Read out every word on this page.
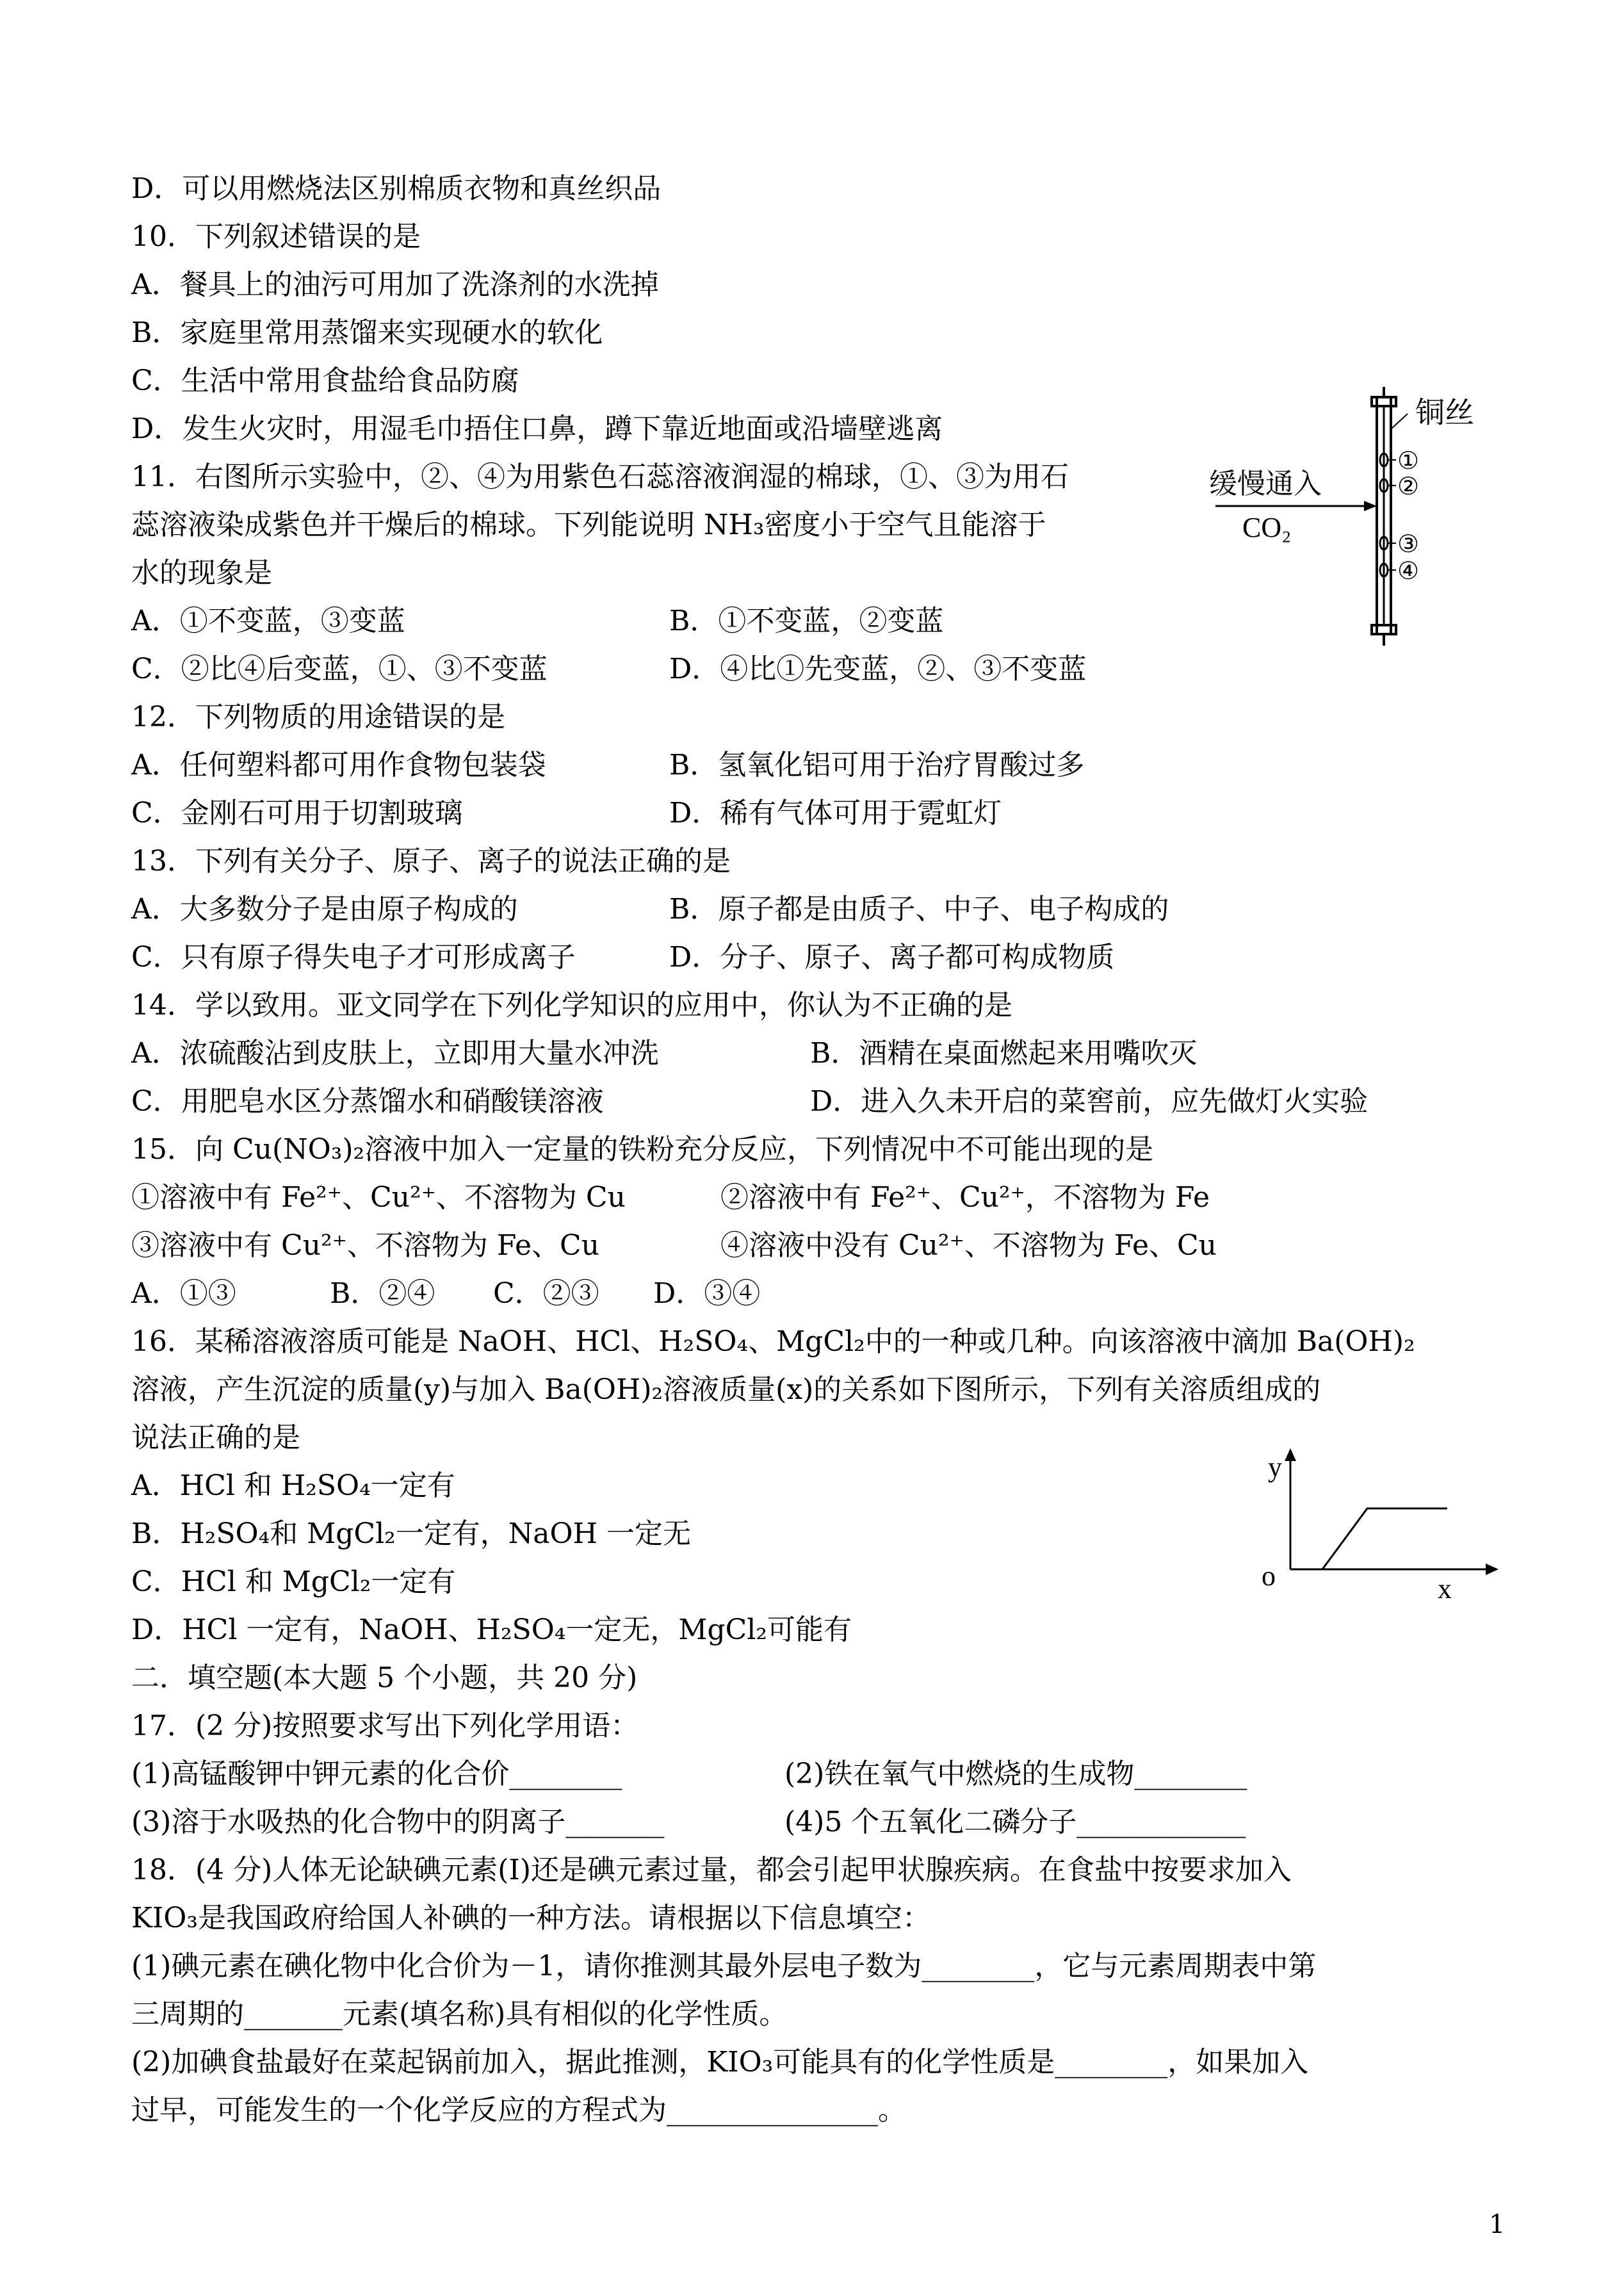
D．可以用燃烧法区别棉质衣物和真丝织品
10．下列叙述错误的是
A．餐具上的油污可用加了洗涤剂的水洗掉
B．家庭里常用蒸馏来实现硬水的软化
C．生活中常用食盐给食品防腐
D．发生火灾时，用湿毛巾捂住口鼻，蹲下靠近地面或沿墙壁逃离
11．右图所示实验中，②、④为用紫色石蕊溶液润湿的棉球，①、③为用石
蕊溶液染成紫色并干燥后的棉球。下列能说明 NH₃密度小于空气且能溶于
水的现象是
A．①不变蓝，③变蓝	B．①不变蓝，②变蓝
C．②比④后变蓝，①、③不变蓝	D．④比①先变蓝，②、③不变蓝
12．下列物质的用途错误的是
A．任何塑料都可用作食物包装袋	B．氢氧化铝可用于治疗胃酸过多
C．金刚石可用于切割玻璃	D．稀有气体可用于霓虹灯
13．下列有关分子、原子、离子的说法正确的是
A．大多数分子是由原子构成的	B．原子都是由质子、中子、电子构成的
C．只有原子得失电子才可形成离子	D．分子、原子、离子都可构成物质
14．学以致用。亚文同学在下列化学知识的应用中，你认为不正确的是
A．浓硫酸沾到皮肤上，立即用大量水冲洗	B．酒精在桌面燃起来用嘴吹灭
C．用肥皂水区分蒸馏水和硝酸镁溶液	D．进入久未开启的菜窖前，应先做灯火实验
15．向 Cu(NO₃)₂溶液中加入一定量的铁粉充分反应，下列情况中不可能出现的是
①溶液中有 Fe²⁺、Cu²⁺、不溶物为 Cu	②溶液中有 Fe²⁺、Cu²⁺，不溶物为 Fe
③溶液中有 Cu²⁺、不溶物为 Fe、Cu	④溶液中没有 Cu²⁺、不溶物为 Fe、Cu
A．①③	B．②④ C．②③ D．③④
16．某稀溶液溶质可能是 NaOH、HCl、H₂SO₄、MgCl₂中的一种或几种。向该溶液中滴加 Ba(OH)₂
溶液，产生沉淀的质量(y)与加入 Ba(OH)₂溶液质量(x)的关系如下图所示，下列有关溶质组成的
说法正确的是
A．HCl 和 H₂SO₄一定有
B．H₂SO₄和 MgCl₂一定有，NaOH 一定无
C．HCl 和 MgCl₂一定有
D．HCl 一定有，NaOH、H₂SO₄一定无，MgCl₂可能有
二．填空题(本大题 5 个小题，共 20 分)
17．(2 分)按照要求写出下列化学用语：
(1)高锰酸钾中钾元素的化合价________	(2)铁在氧气中燃烧的生成物________
(3)溶于水吸热的化合物中的阴离子_______	(4)5 个五氧化二磷分子____________
18．(4 分)人体无论缺碘元素(I)还是碘元素过量，都会引起甲状腺疾病。在食盐中按要求加入
KIO₃是我国政府给国人补碘的一种方法。请根据以下信息填空：
(1)碘元素在碘化物中化合价为－1，请你推测其最外层电子数为________，它与元素周期表中第
三周期的_______元素(填名称)具有相似的化学性质。
(2)加碘食盐最好在菜起锅前加入，据此推测，KIO₃可能具有的化学性质是________，如果加入
过早，可能发生的一个化学反应的方程式为_______________。
铜丝
缓慢通入
CO₂
①
②
③
④
y
o	x
1
